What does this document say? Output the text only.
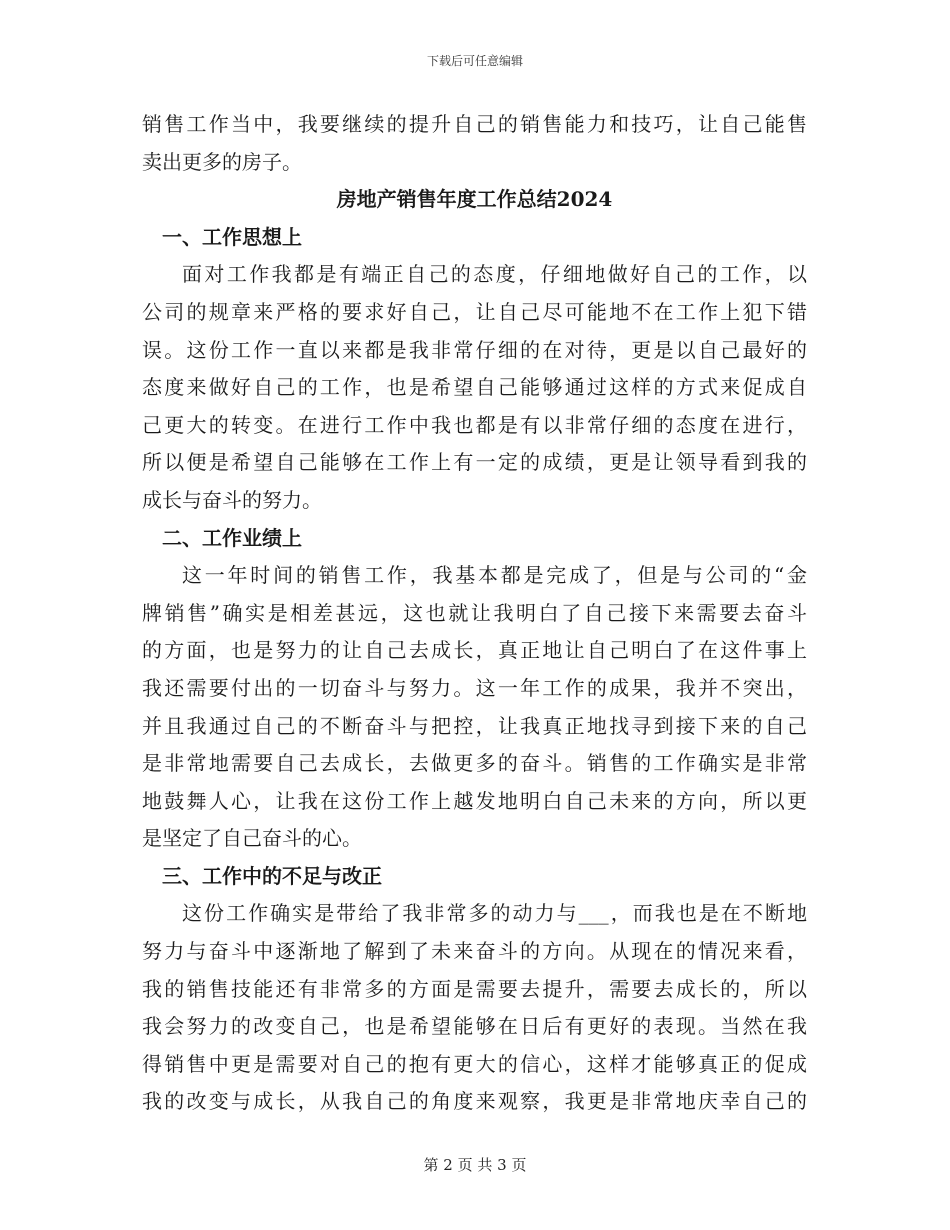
下载后可任意编辑
销售工作当中，我要继续的提升自己的销售能力和技巧，让自己能售
卖出更多的房子。
房地产销售年度工作总结2024
一、工作思想上
面对工作我都是有端正自己的态度，仔细地做好自己的工作，以
公司的规章来严格的要求好自己，让自己尽可能地不在工作上犯下错
误。这份工作一直以来都是我非常仔细的在对待，更是以自己最好的
态度来做好自己的工作，也是希望自己能够通过这样的方式来促成自
己更大的转变。在进行工作中我也都是有以非常仔细的态度在进行，
所以便是希望自己能够在工作上有一定的成绩，更是让领导看到我的
成长与奋斗的努力。
二、工作业绩上
这一年时间的销售工作，我基本都是完成了，但是与公司的“金
牌销售”确实是相差甚远，这也就让我明白了自己接下来需要去奋斗
的方面，也是努力的让自己去成长，真正地让自己明白了在这件事上
我还需要付出的一切奋斗与努力。这一年工作的成果，我并不突出，
并且我通过自己的不断奋斗与把控，让我真正地找寻到接下来的自己
是非常地需要自己去成长，去做更多的奋斗。销售的工作确实是非常
地鼓舞人心，让我在这份工作上越发地明白自己未来的方向，所以更
是坚定了自己奋斗的心。
三、工作中的不足与改正
这份工作确实是带给了我非常多的动力与___，而我也是在不断地
努力与奋斗中逐渐地了解到了未来奋斗的方向。从现在的情况来看，
我的销售技能还有非常多的方面是需要去提升，需要去成长的，所以
我会努力的改变自己，也是希望能够在日后有更好的表现。当然在我
得销售中更是需要对自己的抱有更大的信心，这样才能够真正的促成
我的改变与成长，从我自己的角度来观察，我更是非常地庆幸自己的
第 2 页 共 3 页
